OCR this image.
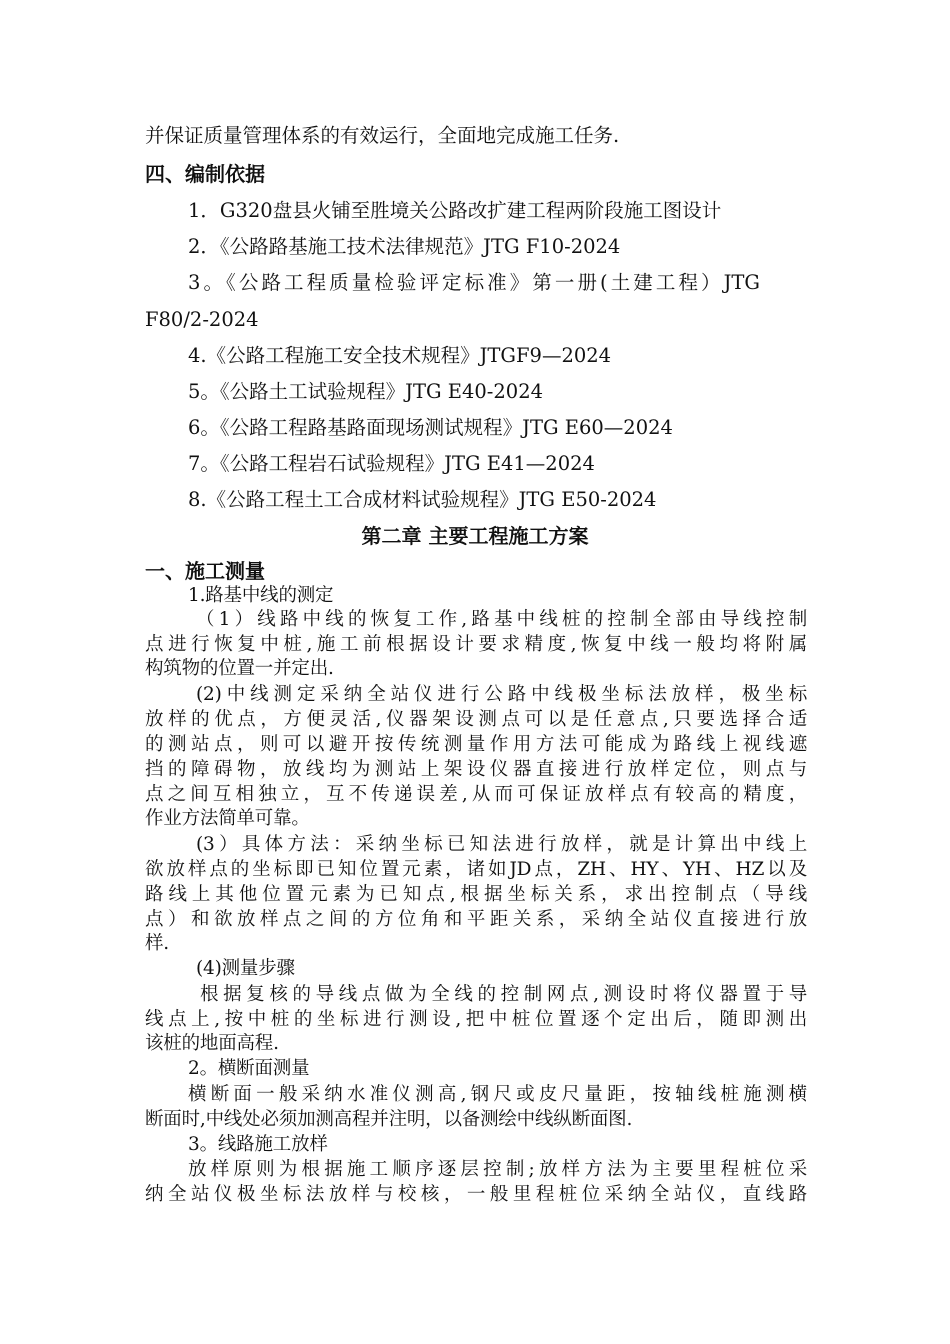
并保证质量管理体系的有效运行，全面地完成施工任务.
四、编制依据
1．G320盘县火铺至胜境关公路改扩建工程两阶段施工图设计
2．《公路路基施工技术法律规范》JTG F10-2024
3。《公路工程质量检验评定标准》第一册(土建工程）JTG
F80/2-2024
4.《公路工程施工安全技术规程》JTGF9—2024
5。《公路土工试验规程》JTG E40-2024
6。《公路工程路基路面现场测试规程》JTG E60—2024
7。《公路工程岩石试验规程》JTG E41—2024
8.《公路工程土工合成材料试验规程》JTG E50-2024
第二章 主要工程施工方案
一、施工测量
1.路基中线的测定
（1）线路中线的恢复工作,路基中线桩的控制全部由导线控制
点进行恢复中桩,施工前根据设计要求精度,恢复中线一般均将附属
构筑物的位置一并定出.
(2)中线测定采纳全站仪进行公路中线极坐标法放样，极坐标
放样的优点，方便灵活,仪器架设测点可以是任意点,只要选择合适
的测站点，则可以避开按传统测量作用方法可能成为路线上视线遮
挡的障碍物，放线均为测站上架设仪器直接进行放样定位，则点与
点之间互相独立，互不传递误差,从而可保证放样点有较高的精度，
作业方法简单可靠。
(3）具体方法：采纳坐标已知法进行放样，就是计算出中线上
欲放样点的坐标即已知位置元素，诸如JD点，ZH、HY、YH、HZ以及
路线上其他位置元素为已知点,根据坐标关系，求出控制点（导线
点）和欲放样点之间的方位角和平距关系，采纳全站仪直接进行放
样.
(4)测量步骤
根据复核的导线点做为全线的控制网点,测设时将仪器置于导
线点上,按中桩的坐标进行测设,把中桩位置逐个定出后，随即测出
该桩的地面高程.
2。横断面测量
横断面一般采纳水准仪测高,钢尺或皮尺量距，按轴线桩施测横
断面时,中线处必须加测高程并注明，以备测绘中线纵断面图.
3。线路施工放样
放样原则为根据施工顺序逐层控制;放样方法为主要里程桩位采
纳全站仪极坐标法放样与校核，一般里程桩位采纳全站仪，直线路
